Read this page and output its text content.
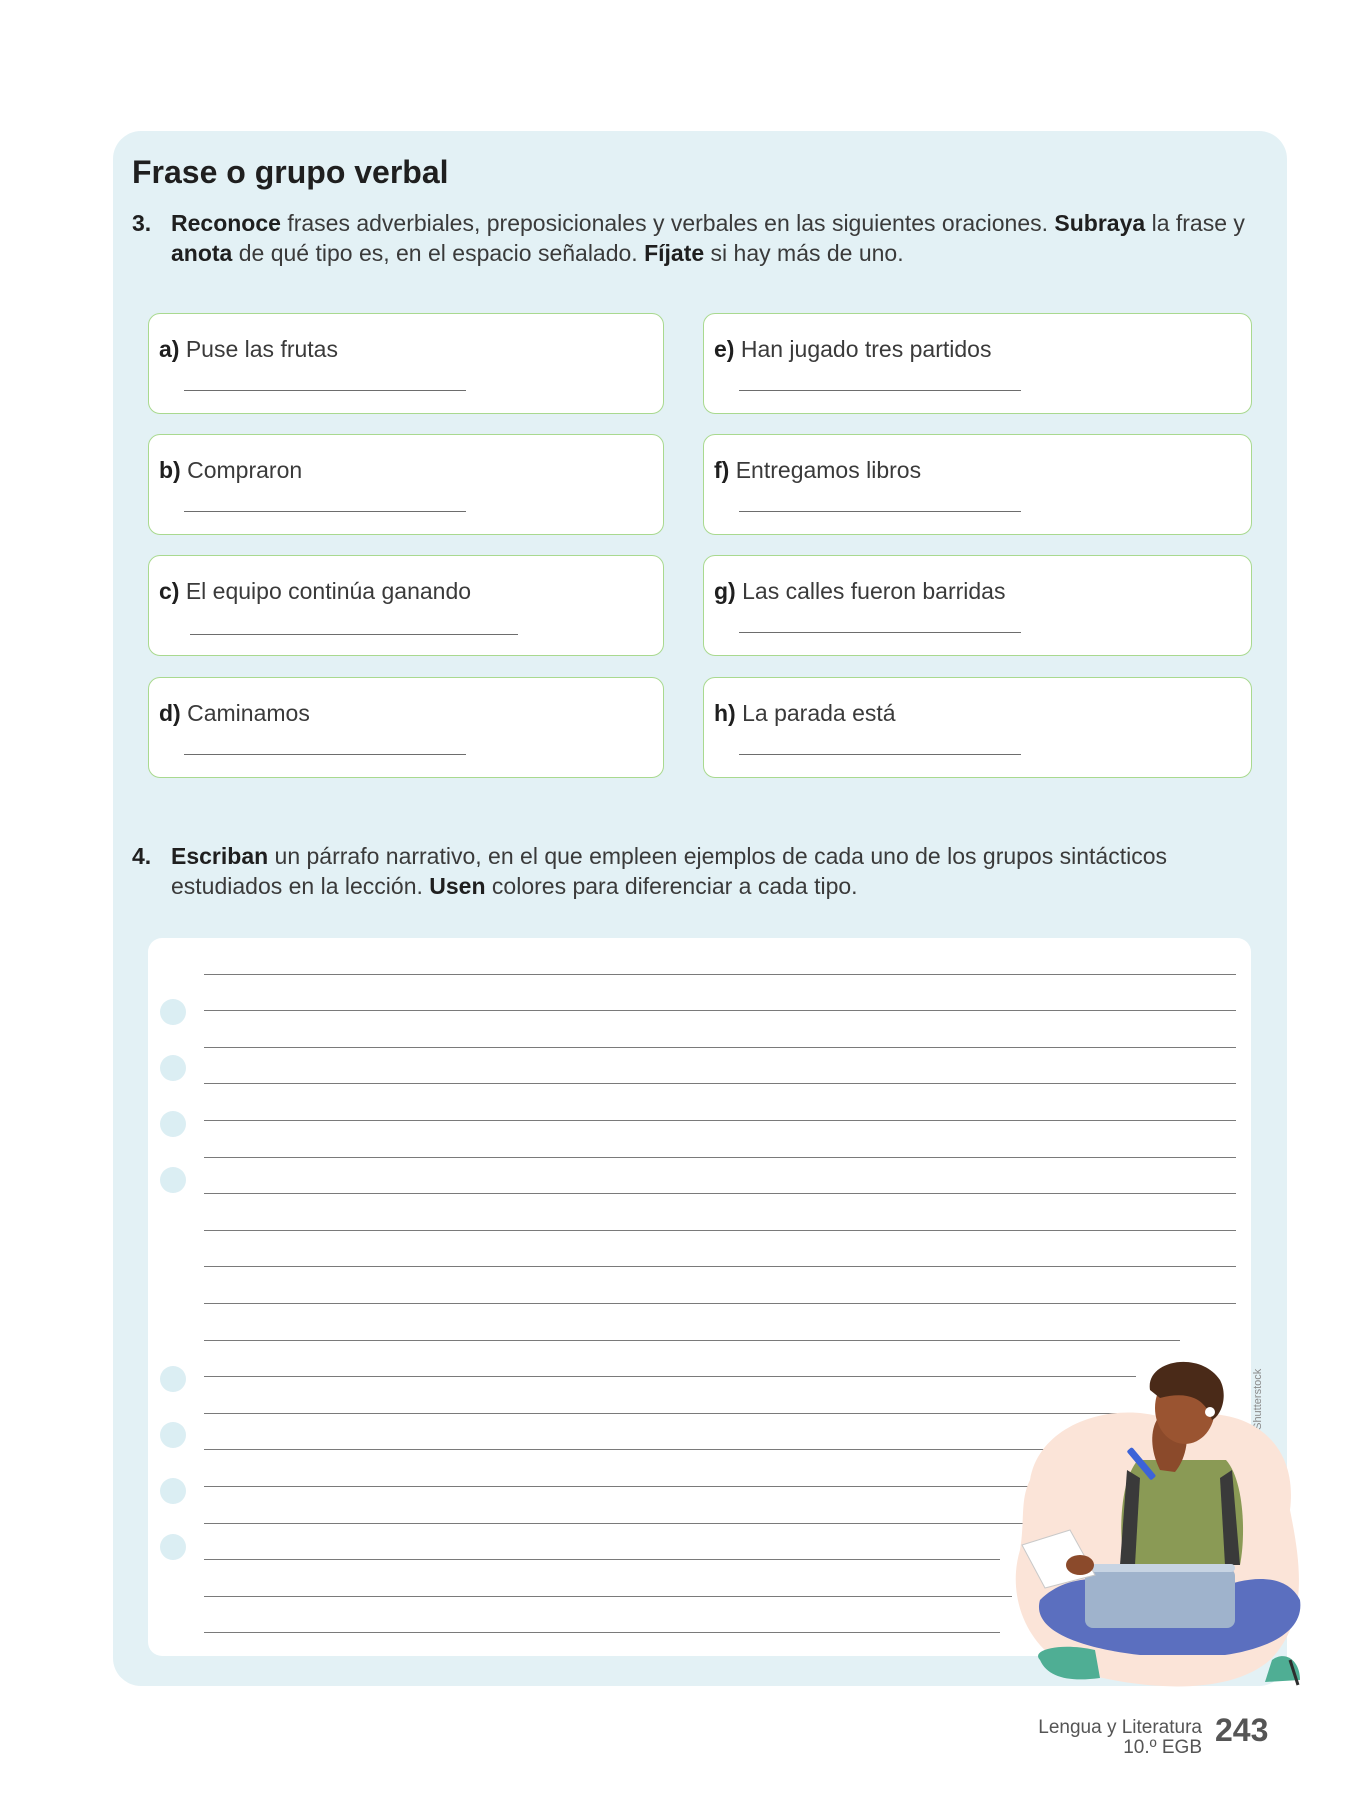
Frase o grupo verbal
3. Reconoce frases adverbiales, preposicionales y verbales en las siguientes oraciones. Subraya la frase y anota de qué tipo es, en el espacio señalado. Fíjate si hay más de uno.
a) Puse las frutas
b) Compraron
c) El equipo continúa ganando
d) Caminamos
e) Han jugado tres partidos
f) Entregamos libros
g) Las calles fueron barridas
h) La parada está
4. Escriban un párrafo narrativo, en el que empleen ejemplos de cada uno de los grupos sintácticos estudiados en la lección. Usen colores para diferenciar a cada tipo.
©Shutterstock
Lengua y Literatura
10.º EGB 243
